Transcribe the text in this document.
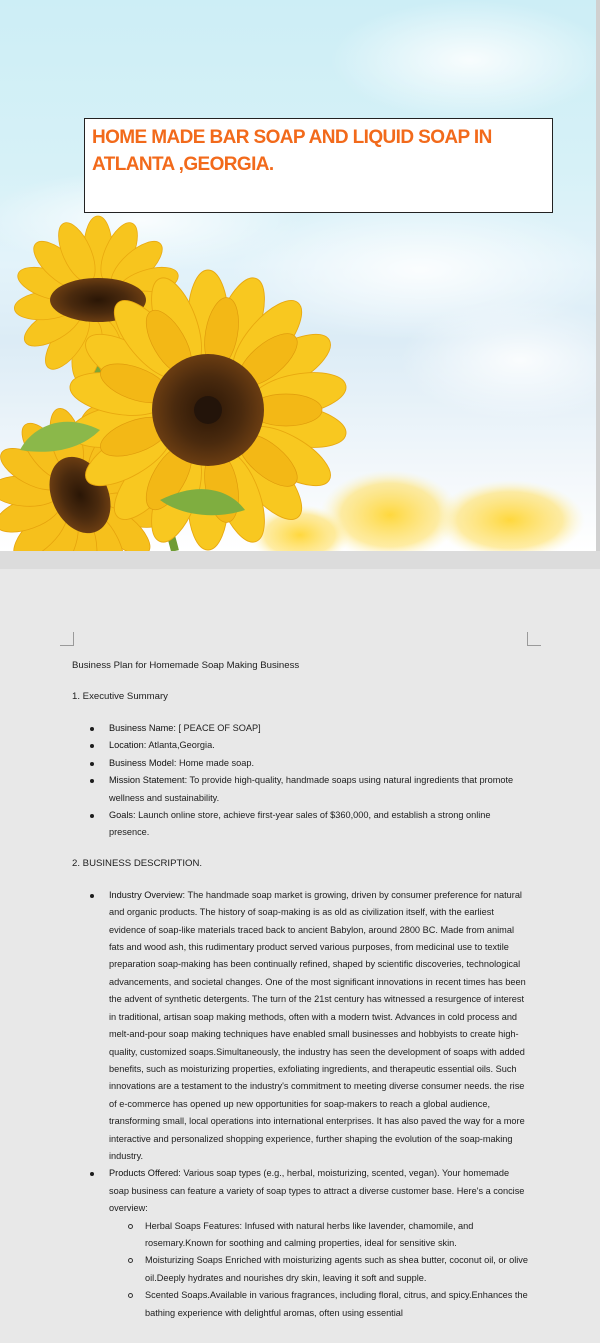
HOME MADE BAR SOAP AND LIQUID SOAP IN ATLANTA ,GEORGIA.

Business Plan for Homemade Soap Making Business

1. Executive Summary

Business Name: [ PEACE OF SOAP]
Location: Atlanta,Georgia.
Business Model: Home made soap.
Mission Statement: To provide high-quality, handmade soaps using natural ingredients that promote wellness and sustainability.
Goals: Launch online store, achieve first-year sales of $360,000, and establish a strong online presence.

2. BUSINESS DESCRIPTION.

Industry Overview: The handmade soap market is growing, driven by consumer preference for natural and organic products. The history of soap-making is as old as civilization itself, with the earliest evidence of soap-like materials traced back to ancient Babylon, around 2800 BC. Made from animal fats and wood ash, this rudimentary product served various purposes, from medicinal use to textile preparation soap-making has been continually refined, shaped by scientific discoveries, technological advancements, and societal changes. One of the most significant innovations in recent times has been the advent of synthetic detergents. The turn of the 21st century has witnessed a resurgence of interest in traditional, artisan soap making methods, often with a modern twist. Advances in cold process and melt-and-pour soap making techniques have enabled small businesses and hobbyists to create high-quality, customized soaps.Simultaneously, the industry has seen the development of soaps with added benefits, such as moisturizing properties, exfoliating ingredients, and therapeutic essential oils. Such innovations are a testament to the industry's commitment to meeting diverse consumer needs. the rise of e-commerce has opened up new opportunities for soap-makers to reach a global audience, transforming small, local operations into international enterprises. It has also paved the way for a more interactive and personalized shopping experience, further shaping the evolution of the soap-making industry.
Products Offered: Various soap types (e.g., herbal, moisturizing, scented, vegan). Your homemade soap business can feature a variety of soap types to attract a diverse customer base. Here's a concise overview:
Herbal Soaps Features: Infused with natural herbs like lavender, chamomile, and rosemary.Known for soothing and calming properties, ideal for sensitive skin.
Moisturizing Soaps Enriched with moisturizing agents such as shea butter, coconut oil, or olive oil.Deeply hydrates and nourishes dry skin, leaving it soft and supple.
Scented Soaps.Available in various fragrances, including floral, citrus, and spicy.Enhances the bathing experience with delightful aromas, often using essential
